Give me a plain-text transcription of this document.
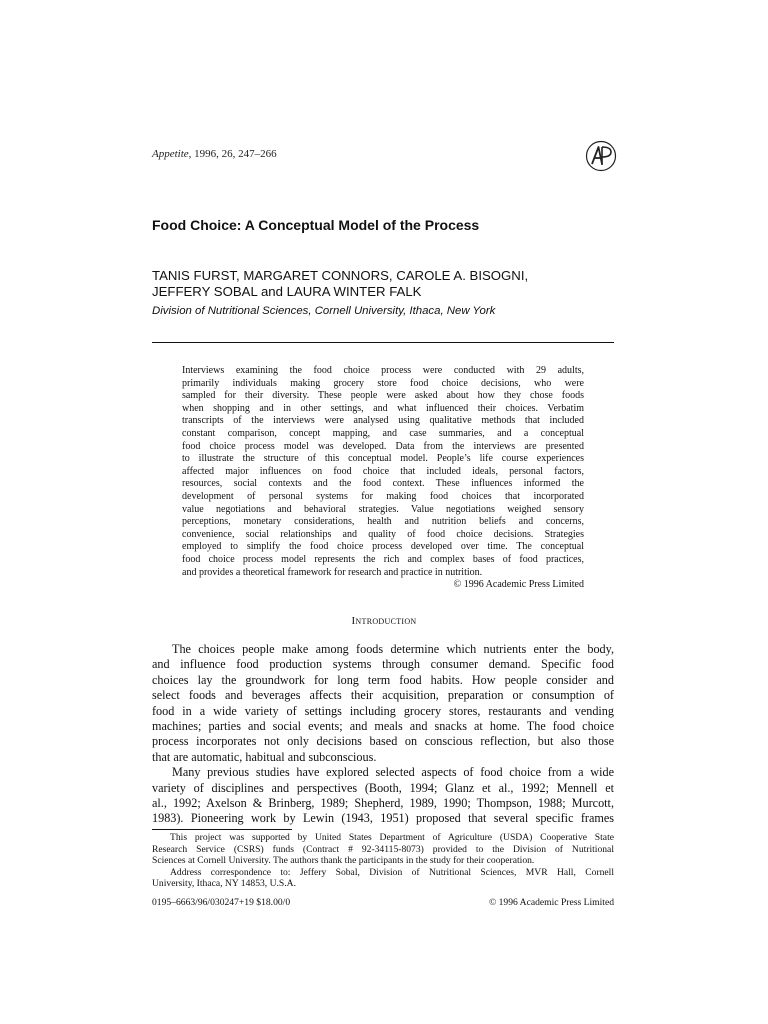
Appetite, 1996, 26, 247–266
Food Choice: A Conceptual Model of the Process
TANIS FURST, MARGARET CONNORS, CAROLE A. BISOGNI,
JEFFERY SOBAL and LAURA WINTER FALK
Division of Nutritional Sciences, Cornell University, Ithaca, New York
Interviews examining the food choice process were conducted with 29 adults,
primarily individuals making grocery store food choice decisions, who were
sampled for their diversity. These people were asked about how they chose foods
when shopping and in other settings, and what influenced their choices. Verbatim
transcripts of the interviews were analysed using qualitative methods that included
constant comparison, concept mapping, and case summaries, and a conceptual
food choice process model was developed. Data from the interviews are presented
to illustrate the structure of this conceptual model. People’s life course experiences
affected major influences on food choice that included ideals, personal factors,
resources, social contexts and the food context. These influences informed the
development of personal systems for making food choices that incorporated
value negotiations and behavioral strategies. Value negotiations weighed sensory
perceptions, monetary considerations, health and nutrition beliefs and concerns,
convenience, social relationships and quality of food choice decisions. Strategies
employed to simplify the food choice process developed over time. The conceptual
food choice process model represents the rich and complex bases of food practices,
and provides a theoretical framework for research and practice in nutrition.
© 1996 Academic Press Limited
Introduction
The choices people make among foods determine which nutrients enter the body,
and influence food production systems through consumer demand. Specific food
choices lay the groundwork for long term food habits. How people consider and
select foods and beverages affects their acquisition, preparation or consumption of
food in a wide variety of settings including grocery stores, restaurants and vending
machines; parties and social events; and meals and snacks at home. The food choice
process incorporates not only decisions based on conscious reflection, but also those
that are automatic, habitual and subconscious.
Many previous studies have explored selected aspects of food choice from a wide
variety of disciplines and perspectives (Booth, 1994; Glanz et al., 1992; Mennell et
al., 1992; Axelson & Brinberg, 1989; Shepherd, 1989, 1990; Thompson, 1988; Murcott,
1983). Pioneering work by Lewin (1943, 1951) proposed that several specific frames
This project was supported by United States Department of Agriculture (USDA) Cooperative State
Research Service (CSRS) funds (Contract # 92-34115-8073) provided to the Division of Nutritional
Sciences at Cornell University. The authors thank the participants in the study for their cooperation.
Address correspondence to: Jeffery Sobal, Division of Nutritional Sciences, MVR Hall, Cornell
University, Ithaca, NY 14853, U.S.A.
0195–6663/96/030247+19 $18.00/0	© 1996 Academic Press Limited
